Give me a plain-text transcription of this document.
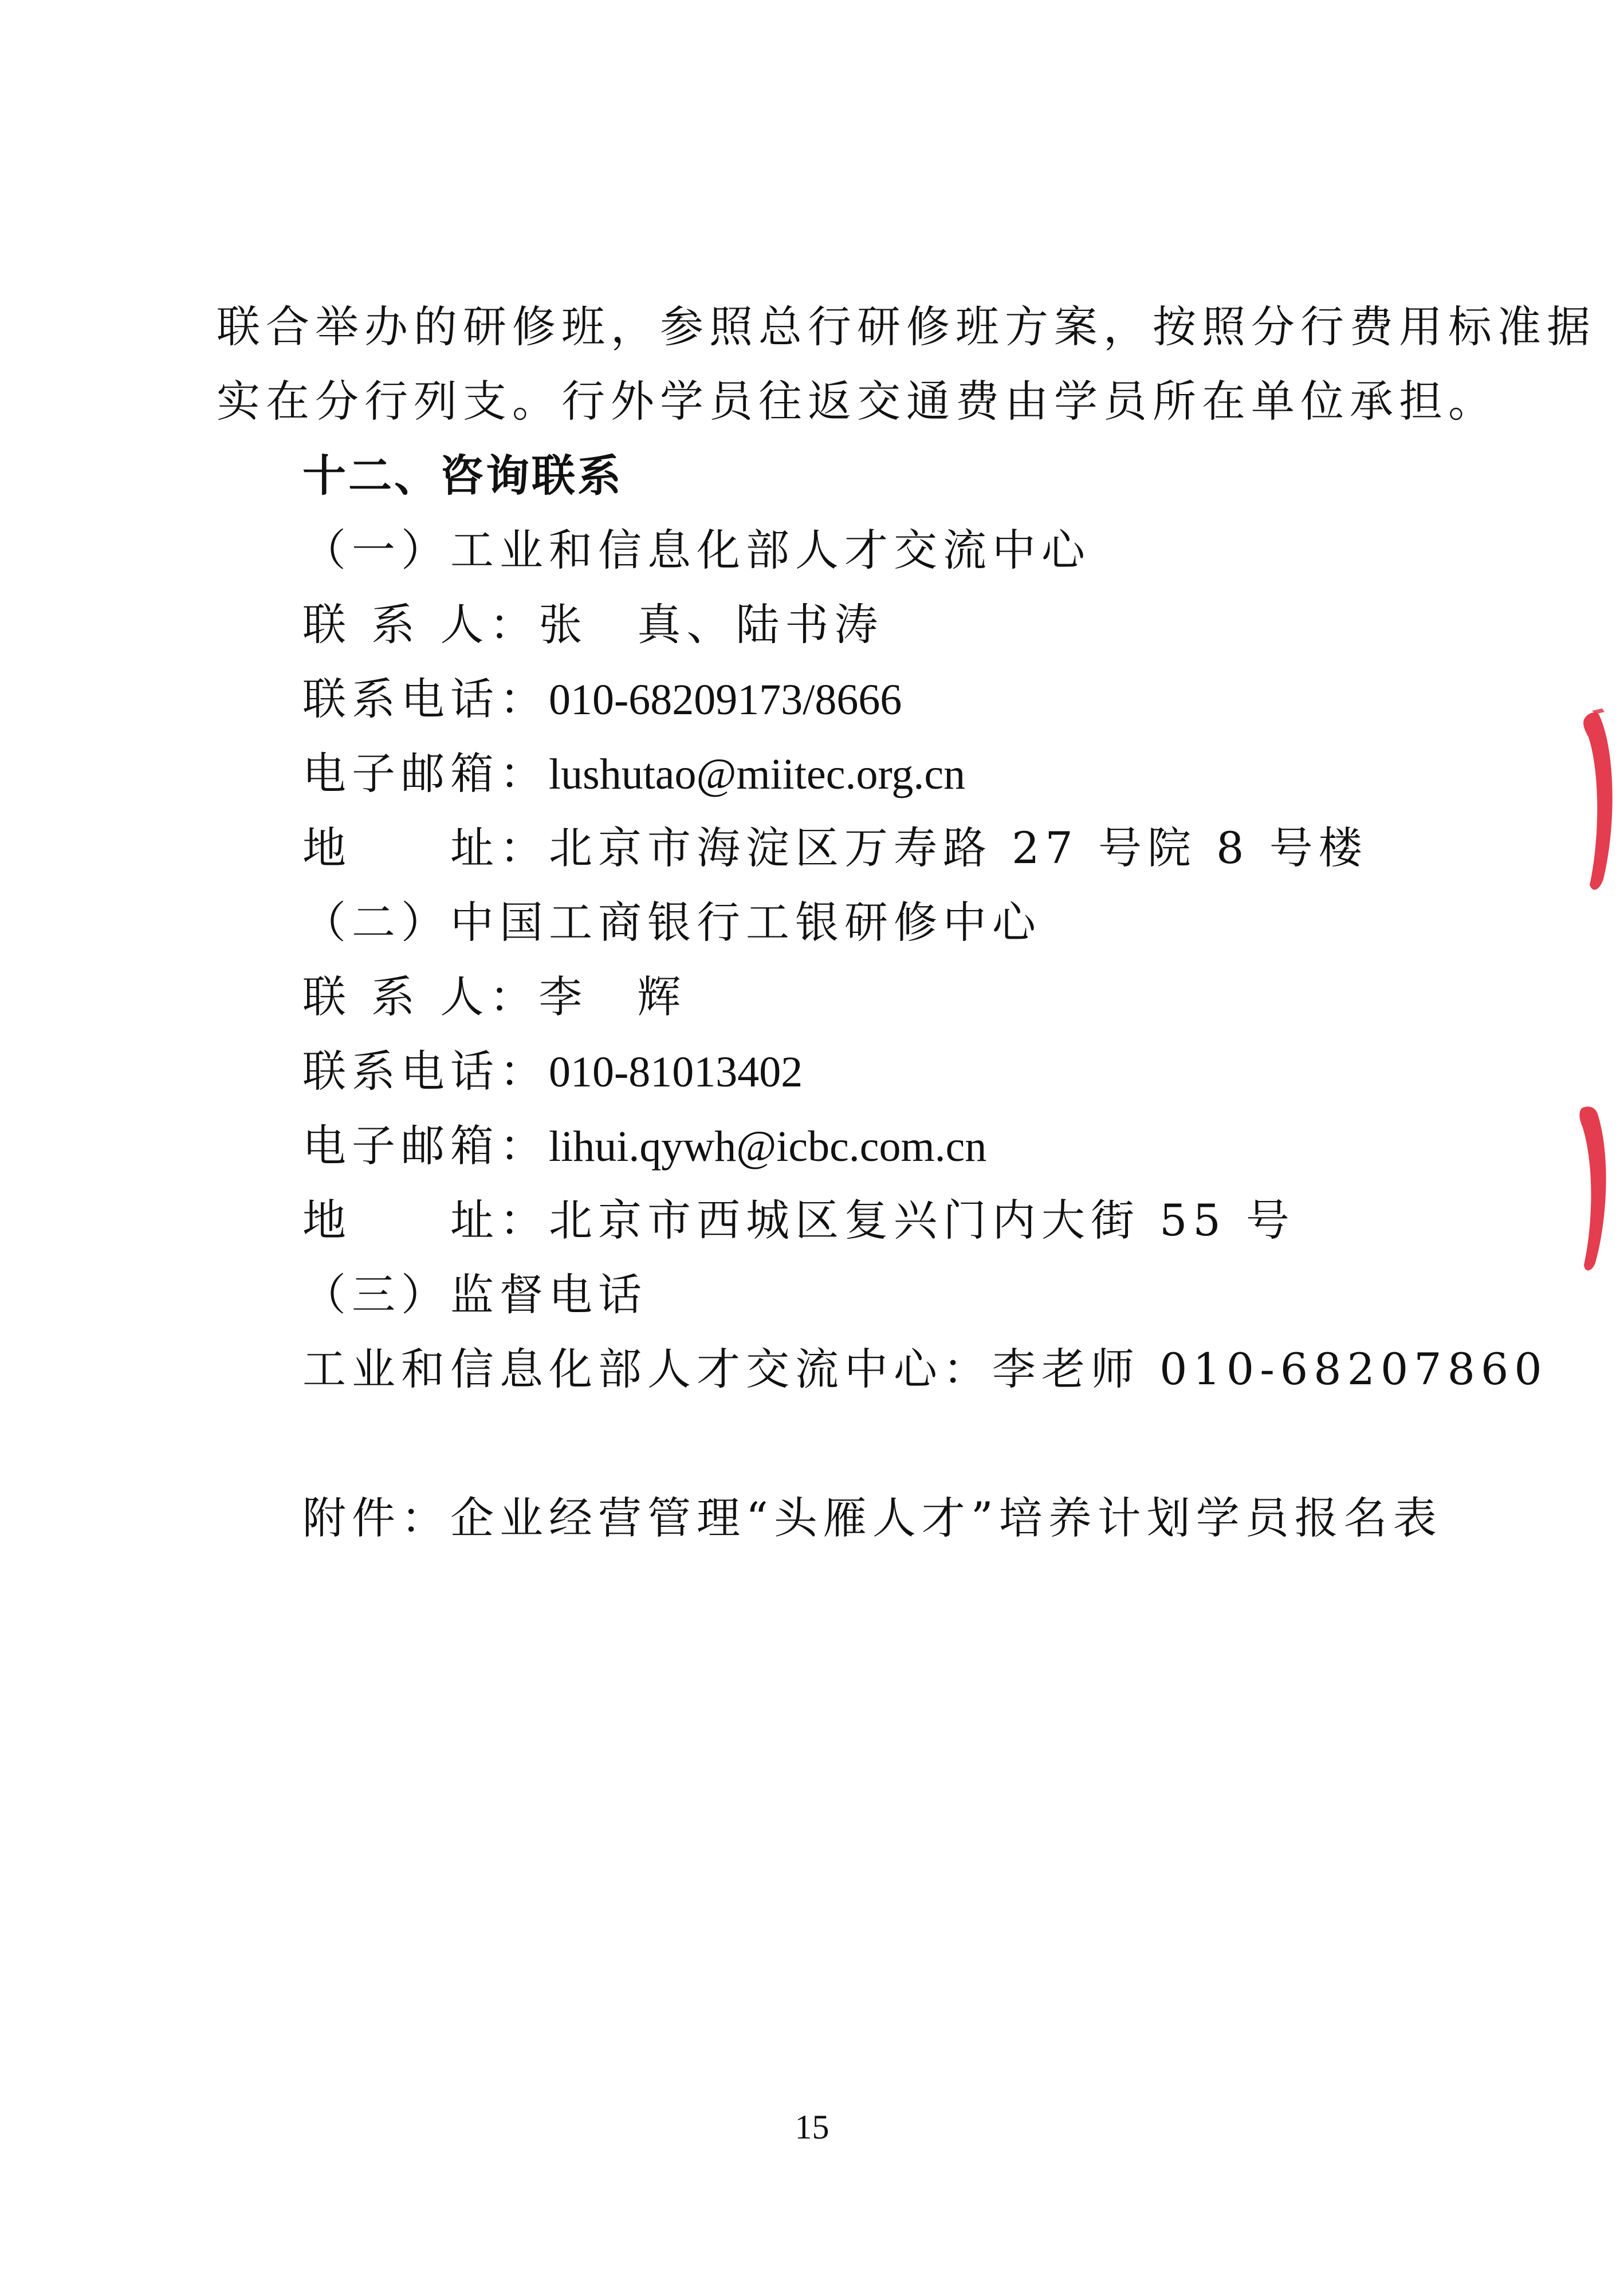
联合举办的研修班，参照总行研修班方案，按照分行费用标准据
实在分行列支。行外学员往返交通费由学员所在单位承担。
十二、咨询联系
（一）工业和信息化部人才交流中心
联 系 人：张　真、陆书涛
联系电话：010-68209173/8666
电子邮箱：lushutao@miitec.org.cn
地　　址：北京市海淀区万寿路 27 号院 8 号楼
（二）中国工商银行工银研修中心
联 系 人：李　辉
联系电话：010-81013402
电子邮箱：lihui.qywh@icbc.com.cn
地　　址：北京市西城区复兴门内大街 55 号
（三）监督电话
工业和信息化部人才交流中心：李老师 010-68207860
附件：企业经营管理“头雁人才”培养计划学员报名表
15
